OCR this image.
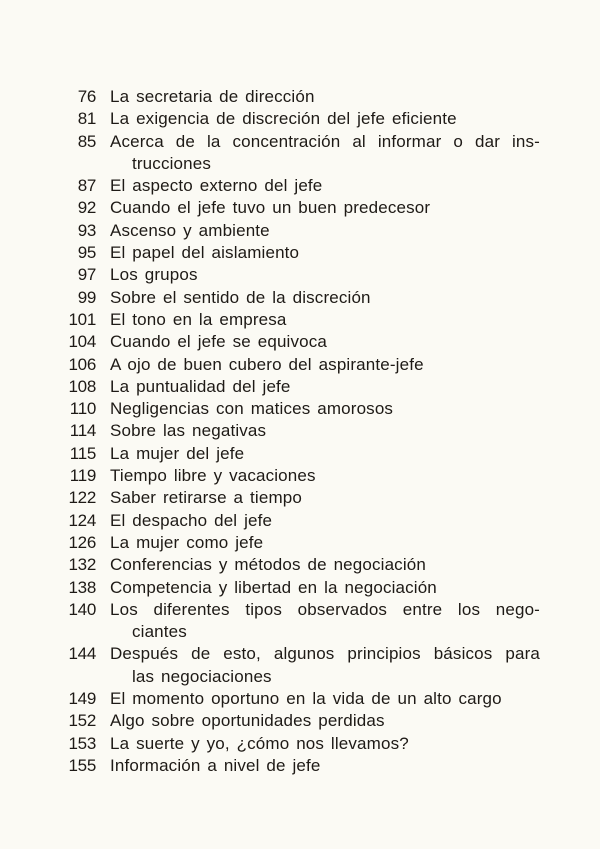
76 La secretaria de dirección
81 La exigencia de discreción del jefe eficiente
85 Acerca de la concentración al informar o dar ins-
trucciones
87 El aspecto externo del jefe
92 Cuando el jefe tuvo un buen predecesor
93 Ascenso y ambiente
95 El papel del aislamiento
97 Los grupos
99 Sobre el sentido de la discreción
101 El tono en la empresa
104 Cuando el jefe se equivoca
106 A ojo de buen cubero del aspirante-jefe
108 La puntualidad del jefe
110 Negligencias con matices amorosos
114 Sobre las negativas
115 La mujer del jefe
119 Tiempo libre y vacaciones
122 Saber retirarse a tiempo
124 El despacho del jefe
126 La mujer como jefe
132 Conferencias y métodos de negociación
138 Competencia y libertad en la negociación
140 Los diferentes tipos observados entre los nego-
ciantes
144 Después de esto, algunos principios básicos para
las negociaciones
149 El momento oportuno en la vida de un alto cargo
152 Algo sobre oportunidades perdidas
153 La suerte y yo, ¿cómo nos llevamos?
155 Información a nivel de jefe
